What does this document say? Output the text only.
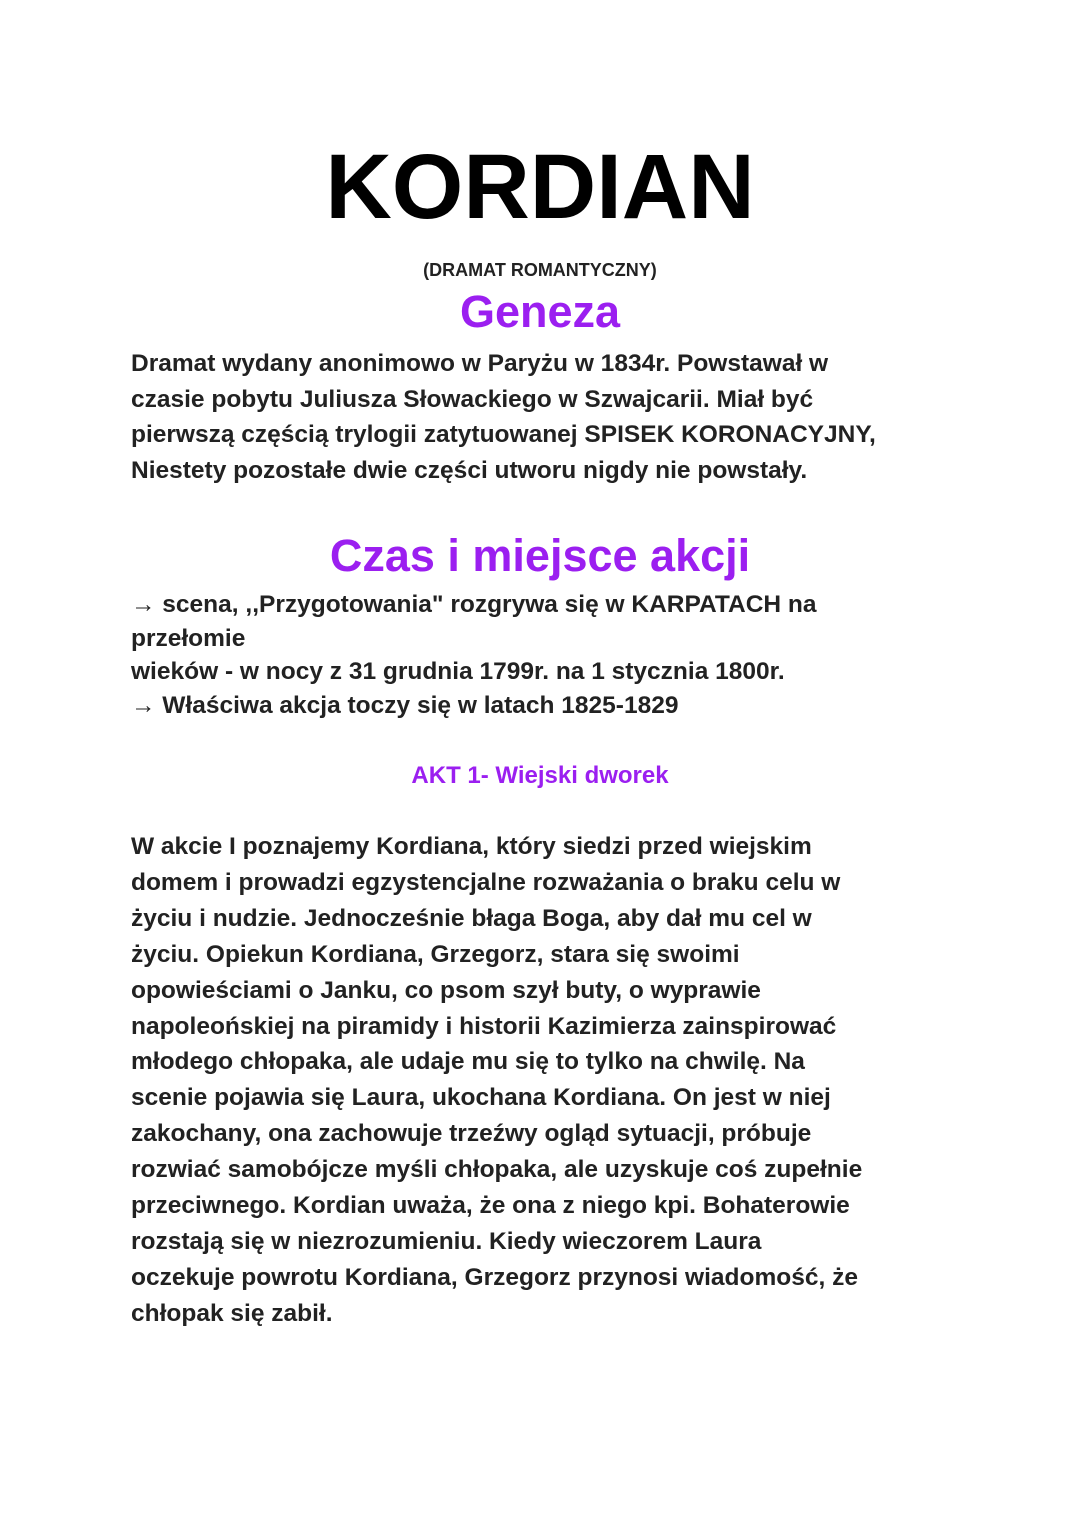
KORDIAN
(DRAMAT ROMANTYCZNY)
Geneza
Dramat wydany anonimowo w Paryżu w 1834r. Powstawał w
czasie pobytu Juliusza Słowackiego w Szwajcarii. Miał być
pierwszą częścią trylogii zatytuowanej SPISEK KORONACYJNY,
Niestety pozostałe dwie części utworu nigdy nie powstały.
Czas i miejsce akcji
→ scena, ,,Przygotowania" rozgrywa się w KARPATACH na
przełomie
wieków - w nocy z 31 grudnia 1799r. na 1 stycznia 1800r.
→ Właściwa akcja toczy się w latach 1825-1829
AKT 1- Wiejski dworek
W akcie I poznajemy Kordiana, który siedzi przed wiejskim
domem i prowadzi egzystencjalne rozważania o braku celu w
życiu i nudzie. Jednocześnie błaga Boga, aby dał mu cel w
życiu. Opiekun Kordiana, Grzegorz, stara się swoimi
opowieściami o Janku, co psom szył buty, o wyprawie
napoleońskiej na piramidy i historii Kazimierza zainspirować
młodego chłopaka, ale udaje mu się to tylko na chwilę. Na
scenie pojawia się Laura, ukochana Kordiana. On jest w niej
zakochany, ona zachowuje trzeźwy ogląd sytuacji, próbuje
rozwiać samobójcze myśli chłopaka, ale uzyskuje coś zupełnie
przeciwnego. Kordian uważa, że ona z niego kpi. Bohaterowie
rozstają się w niezrozumieniu. Kiedy wieczorem Laura
oczekuje powrotu Kordiana, Grzegorz przynosi wiadomość, że
chłopak się zabił.
